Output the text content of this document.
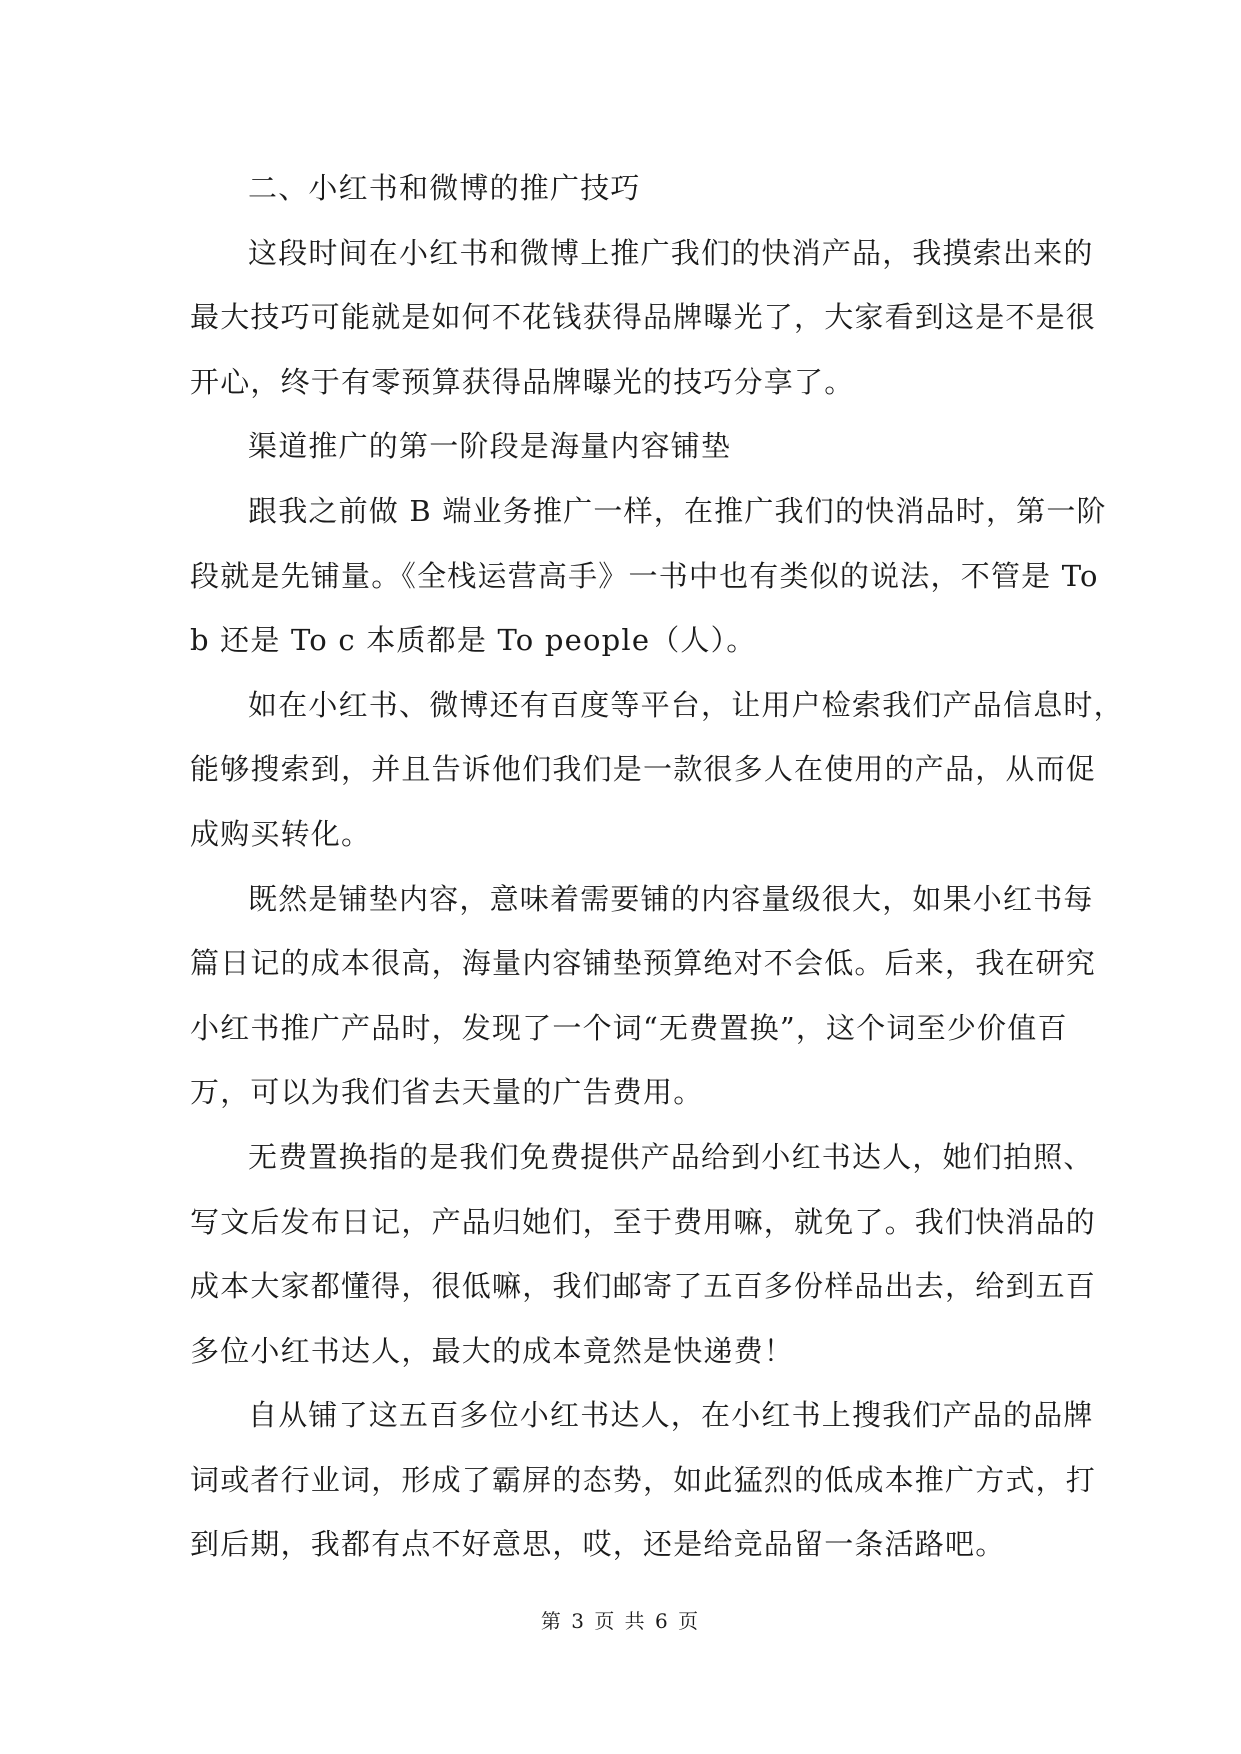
二、小红书和微博的推广技巧
这段时间在小红书和微博上推广我们的快消产品，我摸索出来的
最大技巧可能就是如何不花钱获得品牌曝光了，大家看到这是不是很
开心，终于有零预算获得品牌曝光的技巧分享了。
渠道推广的第一阶段是海量内容铺垫
跟我之前做 B 端业务推广一样，在推广我们的快消品时，第一阶
段就是先铺量。《全栈运营高手》一书中也有类似的说法，不管是 To
b 还是 To c 本质都是 To people（人）。
如在小红书、微博还有百度等平台，让用户检索我们产品信息时，
能够搜索到，并且告诉他们我们是一款很多人在使用的产品，从而促
成购买转化。
既然是铺垫内容，意味着需要铺的内容量级很大，如果小红书每
篇日记的成本很高，海量内容铺垫预算绝对不会低。后来，我在研究
小红书推广产品时，发现了一个词“无费置换”，这个词至少价值百
万，可以为我们省去天量的广告费用。
无费置换指的是我们免费提供产品给到小红书达人，她们拍照、
写文后发布日记，产品归她们，至于费用嘛，就免了。我们快消品的
成本大家都懂得，很低嘛，我们邮寄了五百多份样品出去，给到五百
多位小红书达人，最大的成本竟然是快递费！
自从铺了这五百多位小红书达人，在小红书上搜我们产品的品牌
词或者行业词，形成了霸屏的态势，如此猛烈的低成本推广方式，打
到后期，我都有点不好意思，哎，还是给竞品留一条活路吧。
第 3 页 共 6 页
